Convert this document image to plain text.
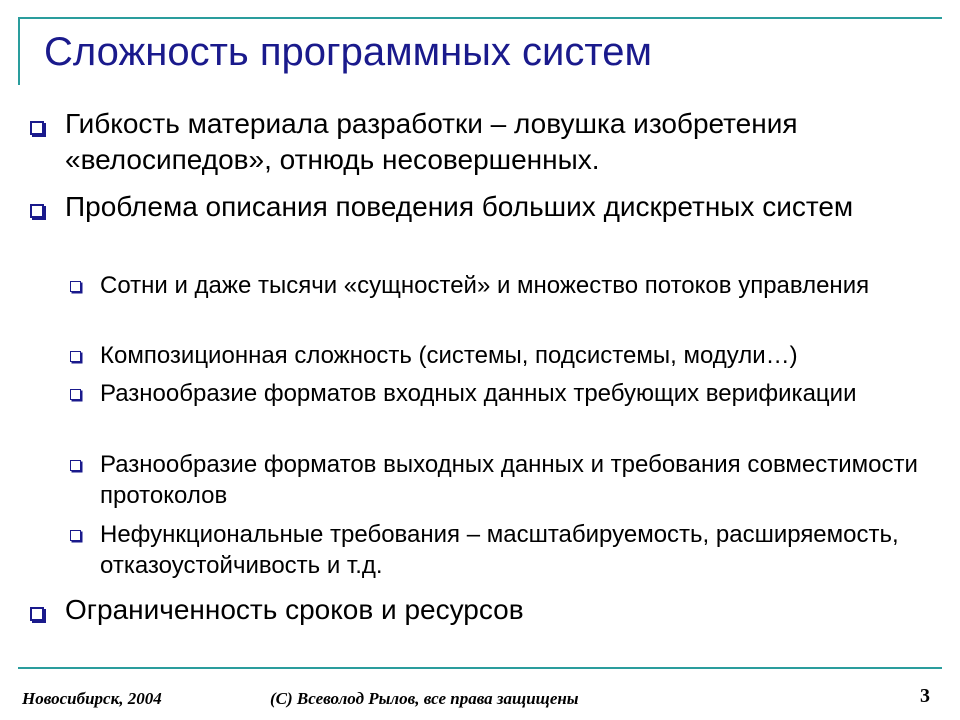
Сложность программных систем
Гибкость материала разработки – ловушка изобретения «велосипедов», отнюдь несовершенных.
Проблема описания поведения больших дискретных систем
Сотни и даже тысячи «сущностей» и множество потоков управления
Композиционная сложность (системы, подсистемы, модули…)
Разнообразие форматов входных данных требующих верификации
Разнообразие форматов выходных данных и требования совместимости протоколов
Нефункциональные требования – масштабируемость, расширяемость, отказоустойчивость и т.д.
Ограниченность сроков и ресурсов
Новосибирск, 2004	(C) Всеволод Рылов, все права защищены	3
